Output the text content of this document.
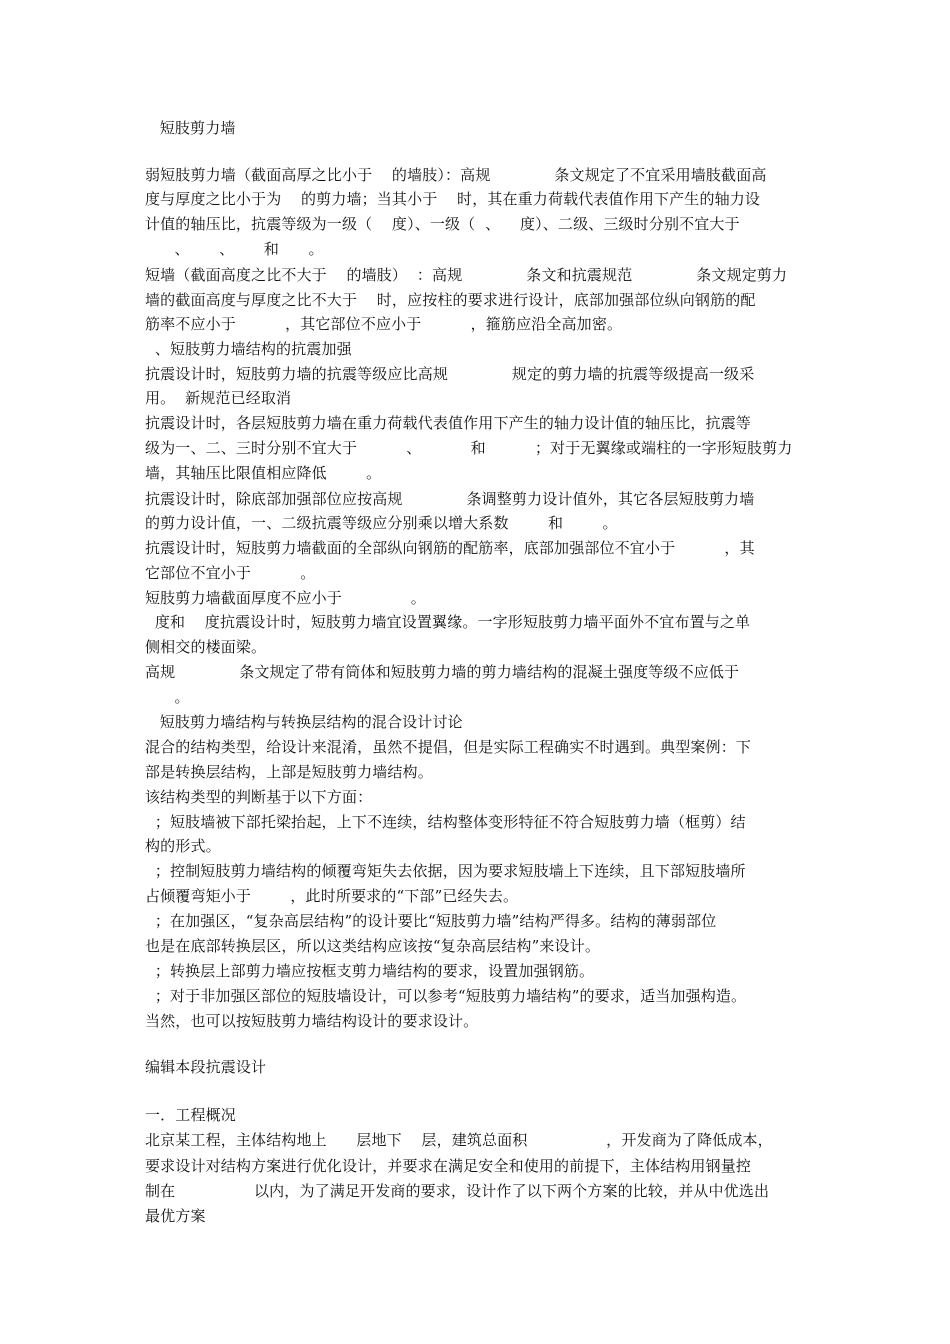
短肢剪力墙
弱短肢剪力墙（截面高厚之比小于    的墙肢）：高规             条文规定了不宜采用墙肢截面高
度与厚度之比小于为    的剪力墙；当其小于    时，其在重力荷载代表值作用下产生的轴力设
计值的轴压比，抗震等级为一级（    度）、一级（  、    度）、二级、三级时分别不宜大于
、      、      和      。
短墙（截面高度之比不大于    的墙肢）  ：高规             条文和抗震规范             条文规定剪力
墙的截面高度与厚度之比不大于    时，应按柱的要求进行设计，底部加强部位纵向钢筋的配
筋率不应小于          ，其它部位不应小于          ，箍筋应沿全高加密。
、短肢剪力墙结构的抗震加强
抗震设计时，短肢剪力墙的抗震等级应比高规             规定的剪力墙的抗震等级提高一级采
用。  新规范已经取消
抗震设计时，各层短肢剪力墙在重力荷载代表值作用下产生的轴力设计值的轴压比，抗震等
级为一、二、三时分别不宜大于          、          和          ；对于无翼缘或端柱的一字形短肢剪力
墙，其轴压比限值相应降低        。
抗震设计时，除底部加强部位应按高规             条调整剪力设计值外，其它各层短肢剪力墙
的剪力设计值，一、二级抗震等级应分别乘以增大系数        和        。
抗震设计时，短肢剪力墙截面的全部纵向钢筋的配筋率，底部加强部位不宜小于          ，其
它部位不宜小于          。
短肢剪力墙截面厚度不应小于              。
度和    度抗震设计时，短肢剪力墙宜设置翼缘。一字形短肢剪力墙平面外不宜布置与之单
侧相交的楼面梁。
高规             条文规定了带有筒体和短肢剪力墙的剪力墙结构的混凝土强度等级不应低于
。
短肢剪力墙结构与转换层结构的混合设计讨论
混合的结构类型，给设计来混淆，虽然不提倡，但是实际工程确实不时遇到。典型案例：下
部是转换层结构，上部是短肢剪力墙结构。
该结构类型的判断基于以下方面：
；短肢墙被下部托梁抬起，上下不连续，结构整体变形特征不符合短肢剪力墙（框剪）结
构的形式。
；控制短肢剪力墙结构的倾覆弯矩失去依据，因为要求短肢墙上下连续，且下部短肢墙所
占倾覆弯矩小于        ，此时所要求的“下部”已经失去。
；在加强区，“复杂高层结构”的设计要比“短肢剪力墙”结构严得多。结构的薄弱部位
也是在底部转换层区，所以这类结构应该按“复杂高层结构”来设计。
；转换层上部剪力墙应按框支剪力墙结构的要求，设置加强钢筋。
；对于非加强区部位的短肢墙设计，可以参考“短肢剪力墙结构”的要求，适当加强构造。
当然，也可以按短肢剪力墙结构设计的要求设计。
编辑本段抗震设计
一．工程概况
北京某工程，主体结构地上      层地下    层，建筑总面积                ，开发商为了降低成本，
要求设计对结构方案进行优化设计，并要求在满足安全和使用的前提下，主体结构用钢量控
制在                以内，为了满足开发商的要求，设计作了以下两个方案的比较，并从中优选出
最优方案
